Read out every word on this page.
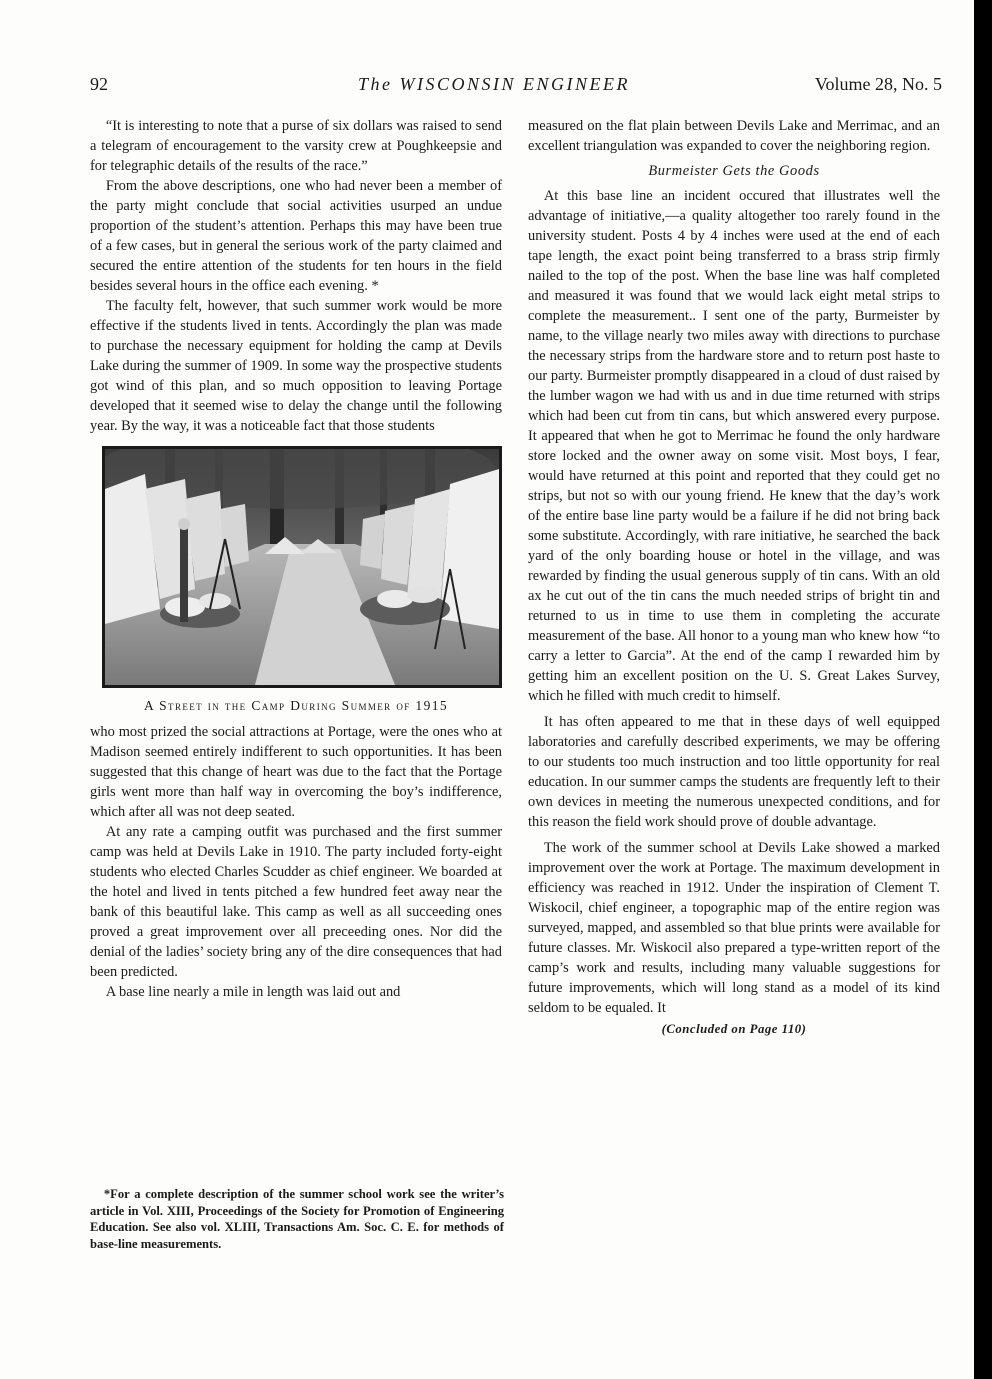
92	The WISCONSIN ENGINEER	Volume 28, No. 5

“It is interesting to note that a purse of six dollars was raised to send a telegram of encouragement to the varsity crew at Poughkeepsie and for telegraphic details of the results of the race.”

From the above descriptions, one who had never been a member of the party might conclude that social activities usurped an undue proportion of the student’s attention. Perhaps this may have been true of a few cases, but in general the serious work of the party claimed and secured the entire attention of the students for ten hours in the field besides several hours in the office each evening. *

The faculty felt, however, that such summer work would be more effective if the students lived in tents. Accordingly the plan was made to purchase the necessary equipment for holding the camp at Devils Lake during the summer of 1909. In some way the prospective students got wind of this plan, and so much opposition to leaving Portage developed that it seemed wise to delay the change until the following year. By the way, it was a noticeable fact that those students

A Street in the Camp During Summer of 1915

who most prized the social attractions at Portage, were the ones who at Madison seemed entirely indifferent to such opportunities. It has been suggested that this change of heart was due to the fact that the Portage girls went more than half way in overcoming the boy’s indifference, which after all was not deep seated.

At any rate a camping outfit was purchased and the first summer camp was held at Devils Lake in 1910. The party included forty-eight students who elected Charles Scudder as chief engineer. We boarded at the hotel and lived in tents pitched a few hundred feet away near the bank of this beautiful lake. This camp as well as all succeeding ones proved a great improvement over all preceeding ones. Nor did the denial of the ladies’ society bring any of the dire consequences that had been predicted.

A base line nearly a mile in length was laid out and

*For a complete description of the summer school work see the writer’s article in Vol. XIII, Proceedings of the Society for Promotion of Engineering Education. See also vol. XLIII, Transactions Am. Soc. C. E. for methods of base-line measurements.

measured on the flat plain between Devils Lake and Merrimac, and an excellent triangulation was expanded to cover the neighboring region.

Burmeister Gets the Goods

At this base line an incident occured that illustrates well the advantage of initiative,—a quality altogether too rarely found in the university student. Posts 4 by 4 inches were used at the end of each tape length, the exact point being transferred to a brass strip firmly nailed to the top of the post. When the base line was half completed and measured it was found that we would lack eight metal strips to complete the measurement.. I sent one of the party, Burmeister by name, to the village nearly two miles away with directions to purchase the necessary strips from the hardware store and to return post haste to our party. Burmeister promptly disappeared in a cloud of dust raised by the lumber wagon we had with us and in due time returned with strips which had been cut from tin cans, but which answered every purpose. It appeared that when he got to Merrimac he found the only hardware store locked and the owner away on some visit. Most boys, I fear, would have returned at this point and reported that they could get no strips, but not so with our young friend. He knew that the day’s work of the entire base line party would be a failure if he did not bring back some substitute. Accordingly, with rare initiative, he searched the back yard of the only boarding house or hotel in the village, and was rewarded by finding the usual generous supply of tin cans. With an old ax he cut out of the tin cans the much needed strips of bright tin and returned to us in time to use them in completing the accurate measurement of the base. All honor to a young man who knew how “to carry a letter to Garcia”. At the end of the camp I rewarded him by getting him an excellent position on the U. S. Great Lakes Survey, which he filled with much credit to himself.

It has often appeared to me that in these days of well equipped laboratories and carefully described experiments, we may be offering to our students too much instruction and too little opportunity for real education. In our summer camps the students are frequently left to their own devices in meeting the numerous unexpected conditions, and for this reason the field work should prove of double advantage.

The work of the summer school at Devils Lake showed a marked improvement over the work at Portage. The maximum development in efficiency was reached in 1912. Under the inspiration of Clement T. Wiskocil, chief engineer, a topographic map of the entire region was surveyed, mapped, and assembled so that blue prints were available for future classes. Mr. Wiskocil also prepared a type-written report of the camp’s work and results, including many valuable suggestions for future improvements, which will long stand as a model of its kind seldom to be equaled. It

(Concluded on Page 110)
